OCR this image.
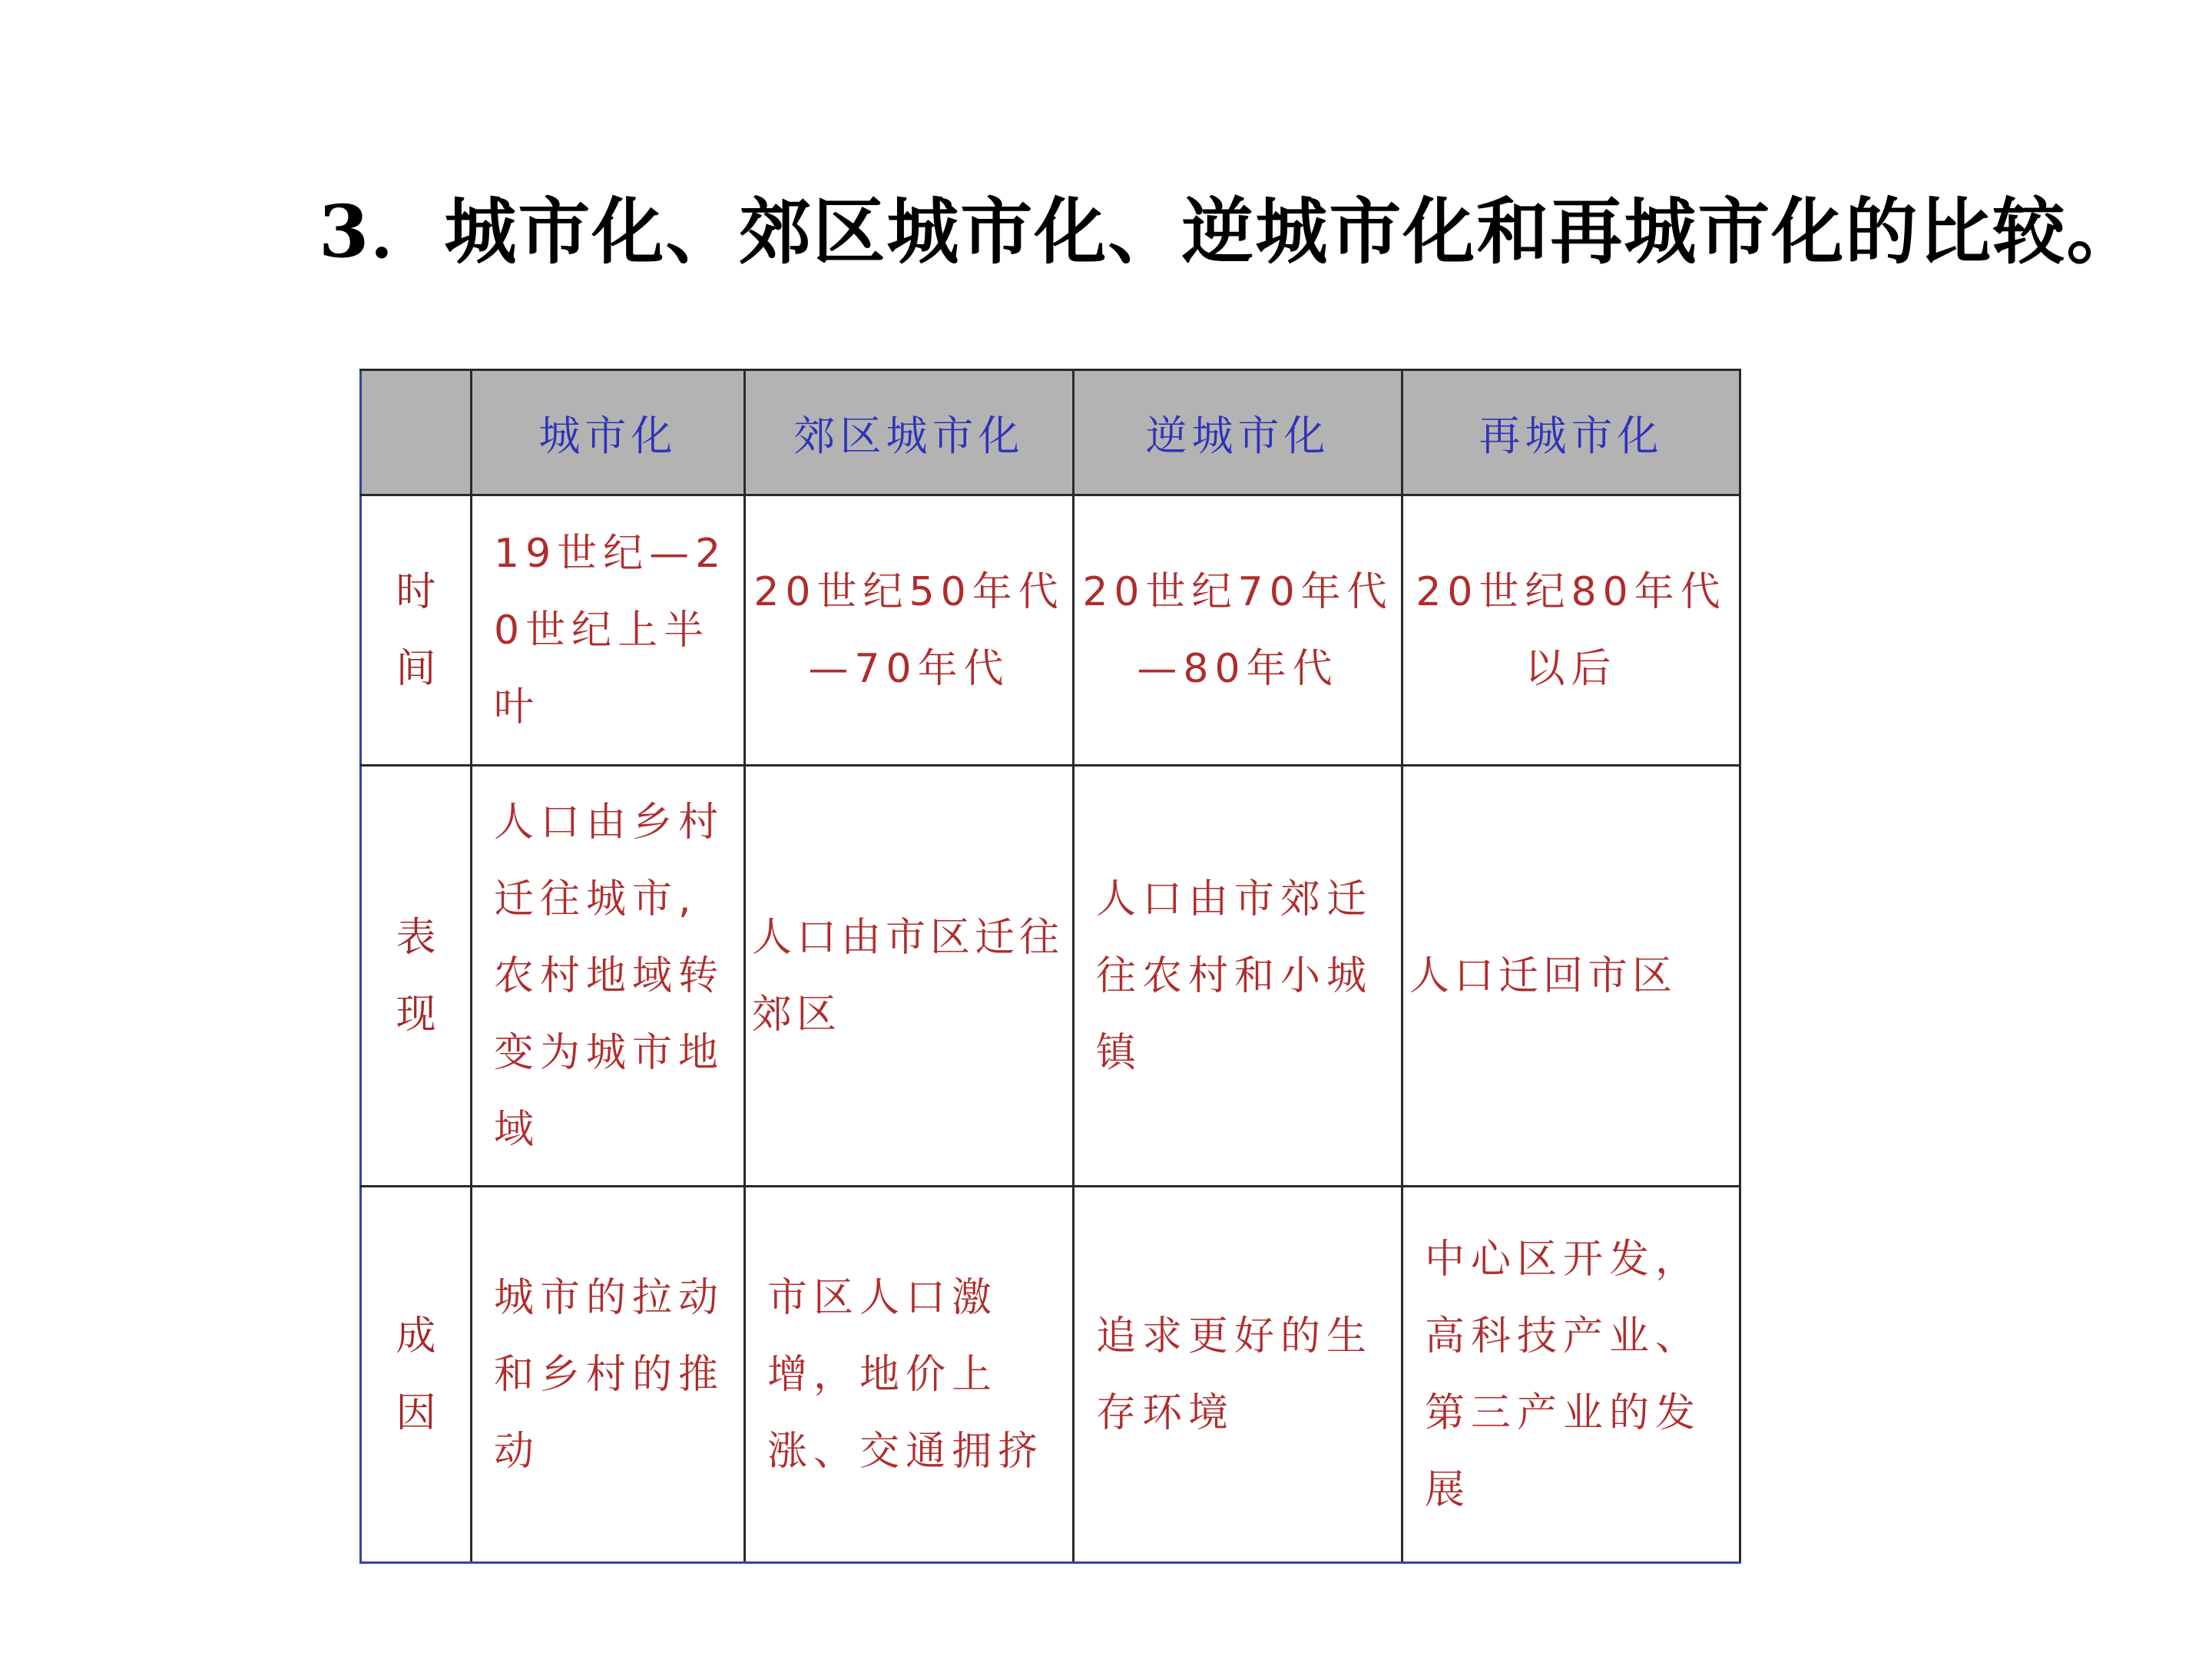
3．城市化、郊区城市化、逆城市化和再城市化的比较。
	城市化	郊区城市化	逆城市化	再城市化

时
间	19世纪—20世纪上半叶	20世纪50年代—70年代	20世纪70年代—80年代	20世纪80年代以后

表
现	人口由乡村迁往城市,农村地域转变为城市地域	人口由市区迁往郊区	人口由市郊迁往农村和小城镇	人口迁回市区

成
因	城市的拉动和乡村的推动	市区人口激增，地价上涨、交通拥挤	追求更好的生存环境	中心区开发，高科技产业、第三产业的发展
